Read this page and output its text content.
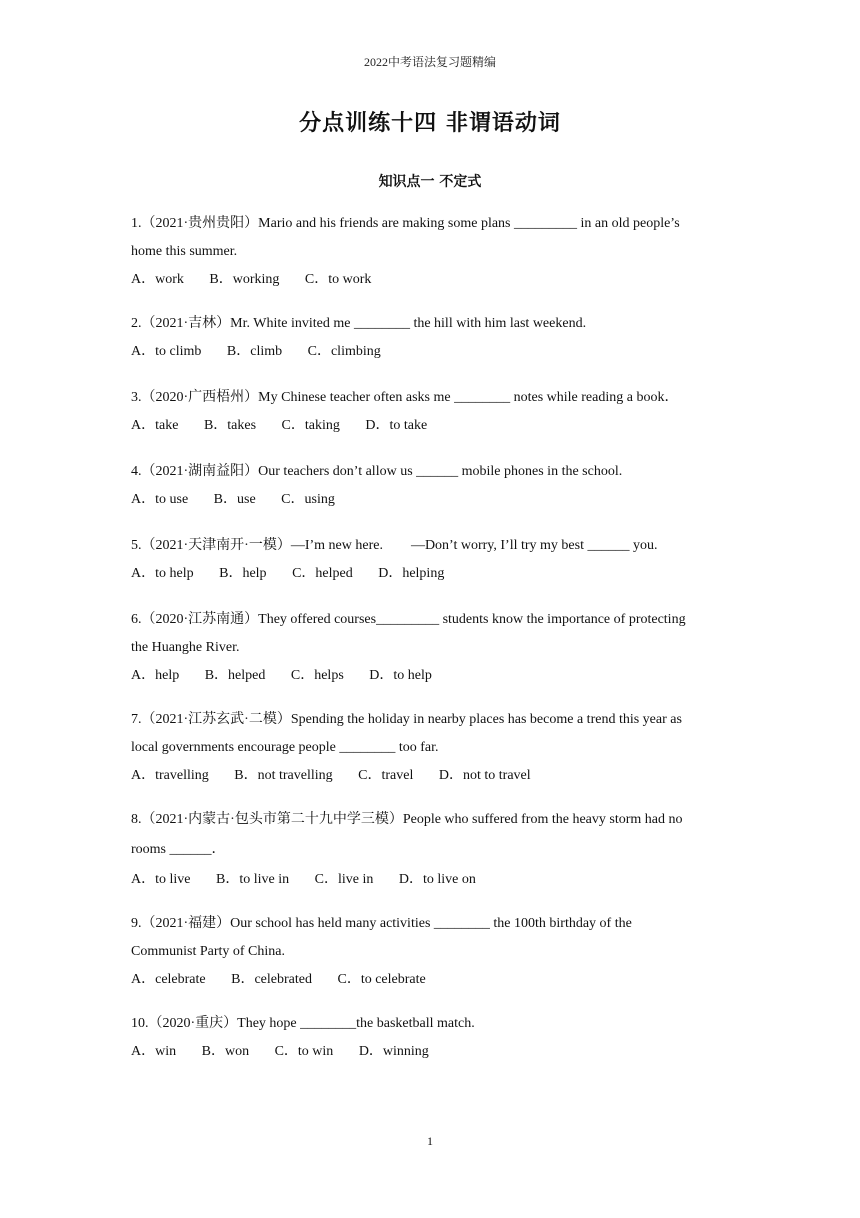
2022中考语法复习题精编
分点训练十四 非谓语动词
知识点一 不定式
1.（2021·贵州贵阳）Mario and his friends are making some plans _________ in an old people’s
home this summer.
A．work B．working C．to work
2.（2021·吉林）Mr. White invited me ________ the hill with him last weekend.
A．to climb B．climb C．climbing
3.（2020·广西梧州）My Chinese teacher often asks me ________ notes while reading a book．
A．take B．takes C．taking D．to take
4.（2021·湖南益阳）Our teachers don’t allow us ______ mobile phones in the school.
A．to use B．use C．using
5.（2021·天津南开·一模）—I’m new here.        —Don’t worry, I’ll try my best ______ you.
A．to help B．help C．helped D．helping
6.（2020·江苏南通）They offered courses_________ students know the importance of protecting
the Huanghe River.
A．help B．helped C．helps D．to help
7.（2021·江苏玄武·二模）Spending the holiday in nearby places has become a trend this year as
local governments encourage people ________ too far.
A．travelling B．not travelling C．travel D．not to travel
8.（2021·内蒙古·包头市第二十九中学三模）People who suffered from the heavy storm had no
rooms ______．
A．to live B．to live in C．live in D．to live on
9.（2021·福建）Our school has held many activities ________ the 100th birthday of the
Communist Party of China.
A．celebrate B．celebrated C．to celebrate
10.（2020·重庆）They hope ________the basketball match.
A．win B．won C．to win D．winning
1
